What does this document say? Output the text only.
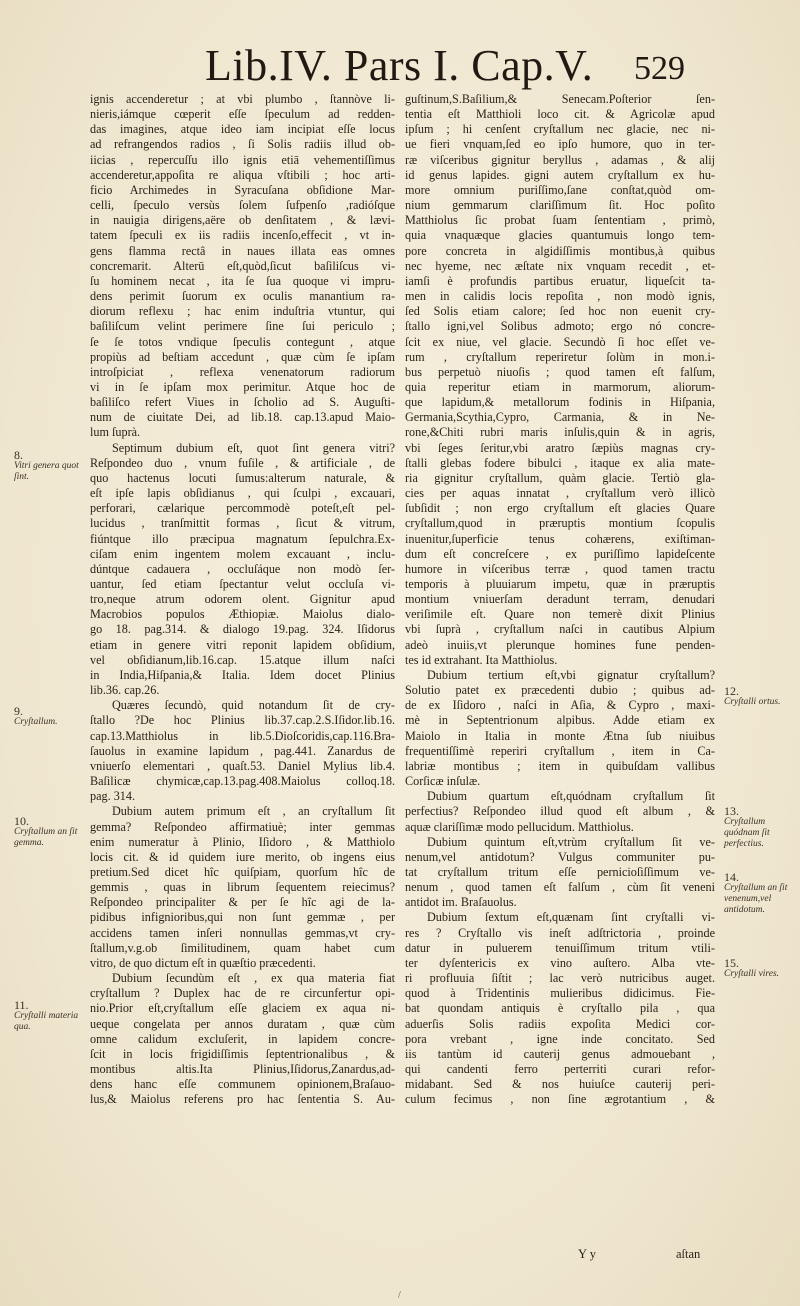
Lib.IV. Pars I. Cap.V. 529

ignis accenderetur ; at vbi plumbo , ſtannòve li-

nieris,iámque cœperit eſſe ſpeculum ad redden-

das imagines, atque ideo iam incipiat eſſe locus

ad refrangendos radios , ſi Solis radiis illud ob-

iicias , repercuſſu illo ignis etiā vehementiſſimus

accenderetur,appoſita re aliqua vſtibili ; hoc arti-

ficio Archimedes in Syracuſana obſidione Mar-

celli, ſpeculo versùs ſolem ſufpenſo ,radióſque

in nauigia dirigens,aëre ob denſitatem , & lævi-

tatem ſpeculi ex iis radiis incenſo,effecit , vt in-

gens flamma rectâ in naues illata eas omnes

concremarit. Alterū eſt,quòd,ſicut baſiliſcus vi-

ſu hominem necat , ita ſe ſua quoque vi impru-

dens perimit ſuorum ex oculis manantium ra-

diorum reflexu ; hac enim induſtria vtuntur, qui

baſiliſcum velint perimere ſine ſui periculo ;

ſe ſe totos vndique ſpeculis contegunt , atque

propiùs ad beſtiam accedunt , quæ cùm ſe ipſam

introſpiciat , reflexa venenatorum radiorum

vi in ſe ipſam mox perimitur. Atque hoc de

baſiliſco refert Viues in ſcholio ad S. Auguſti-

num de ciuitate Dei, ad lib.18. cap.13.apud Maio-

lum ſuprà.

Septimum dubium eſt, quot ſint genera vitri?

Reſpondeo duo , vnum fuſile , & artificiale , de

quo hactenus locuti ſumus:alterum naturale, &

eſt ipſe lapis obſidianus , qui ſculpi , excauari,

perforari, cælarique percommodè poteſt,eſt pel-

lucidus , tranſmittit formas , ſicut & vitrum,

fiúntque illo præcipua magnatum ſepulchra.Ex-

ciſam enim ingentem molem excauant , inclu-

dúntque cadauera , occluſáque non modò ſer-

uantur, ſed etiam ſpectantur velut occluſa vi-

tro,neque atrum odorem olent. Gignitur apud

Macrobios populos Æthiopiæ. Maiolus dialo-

go 18. pag.314. & dialogo 19.pag. 324. Iſidorus

etiam in genere vitri reponit lapidem obſidium,

vel obſidianum,lib.16.cap. 15.atque illum naſci

in India,Hiſpania,& Italia. Idem docet Plinius

lib.36. cap.26.

Quæres ſecundò, quid notandum ſit de cry-

ſtallo ?De hoc Plinius lib.37.cap.2.S.Iſidor.lib.16.

cap.13.Matthiolus in lib.5.Dioſcoridis,cap.116.Bra-

ſauolus in examine lapidum , pag.441. Zanardus de

vniuerſo elementari , quaſt.53. Daniel Mylius lib.4.

Baſilicæ chymicæ,cap.13.pag.408.Maiolus colloq.18.

pag. 314.

Dubium autem primum eſt , an cryſtallum ſit

gemma? Reſpondeo affirmatiuè; inter gemmas

enim numeratur à Plinio, Iſidoro , & Matthiolo

locis cit. & id quidem iure merito, ob ingens eius

pretium.Sed dicet hîc quiſpiam, quorſum hîc de

gemmis , quas in librum ſequentem reiecimus?

Reſpondeo principaliter & per ſe hîc agi de la-

pidibus infignioribus,qui non ſunt gemmæ , per

accidens tamen inſeri nonnullas gemmas,vt cry-

ſtallum,v.g.ob ſimilitudinem, quam habet cum

vitro, de quo dictum eſt in quæſtio præcedenti.

Dubium ſecundùm eſt , ex qua materia fiat

cryſtallum ? Duplex hac de re circunfertur opi-

nio.Prior eſt,cryſtallum eſſe glaciem ex aqua ni-

ueque congelata per annos duratam , quæ cùm

omne calidum excluſerit, in lapidem concre-

ſcit in locis frigidiſſimis ſeptentrionalibus , &

montibus altis.Ita Plinius,Iſidorus,Zanardus,ad-

dens hanc eſſe communem opinionem,Braſauo-

lus,& Maiolus referens pro hac ſententia S. Au-

guſtinum,S.Baſilium,& Senecam.Poſterior ſen-

tentia eſt Matthioli loco cit. & Agricolæ apud

ipſum ; hi cenſent cryſtallum nec glacie, nec ni-

ue fieri vnquam,ſed eo ipſo humore, quo in ter-

ræ viſceribus gignitur beryllus , adamas , & alij

id genus lapides. gigni autem cryſtallum ex hu-

more omnium puriſſimo,ſane conſtat,quòd om-

nium gemmarum clariſſimum ſit. Hoc poſito

Matthiolus ſic probat ſuam ſententiam , primò,

quia vnaquæque glacies quantumuis longo tem-

pore concreta in algidiſſimis montibus,à quibus

nec hyeme, nec æſtate nix vnquam recedit , et-

iamſi è profundis partibus eruatur, liqueſcit ta-

men in calidis locis repoſita , non modò ignis,

ſed Solis etiam calore; ſed hoc non euenit cry-

ſtallo igni,vel Solibus admoto; ergo nó concre-

ſcit ex niue, vel glacie. Secundò ſi hoc eſſet ve-

rum , cryſtallum reperiretur ſolùm in mon.i-

bus perpetuò niuoſis ; quod tamen eſt falſum,

quia reperitur etiam in marmorum, aliorum-

que lapidum,& metallorum fodinis in Hiſpania,

Germania,Scythia,Cypro, Carmania, & in Ne-

rone,&Chiti rubri maris inſulis,quin & in agris,

vbi ſeges ſeritur,vbi aratro ſæpiùs magnas cry-

ſtalli glebas fodere bibulci , itaque ex alia mate-

ria gignitur cryſtallum, quàm glacie. Tertiò gla-

cies per aquas innatat , cryſtallum verò illicò

ſubſidit ; non ergo cryſtallum eſt glacies Quare

cryſtallum,quod in præruptis montium ſcopulis

inuenitur,ſuperficie tenus cohærens, exiſtiman-

dum eſt concreſcere , ex puriſſimo lapideſcente

humore in viſceribus terræ , quod tamen tractu

temporis à pluuiarum impetu, quæ in præruptis

montium vniuerſam deradunt terram, denudari

veriſimile eſt. Quare non temerè dixit Plinius

vbi ſuprà , cryſtallum naſci in cautibus Alpium

adeò inuiis,vt plerunque homines fune penden-

tes id extrahant. Ita Matthiolus.

Dubium tertium eſt,vbi gignatur cryſtallum?

Solutio patet ex præcedenti dubio ; quibus ad-

de ex Iſidoro , naſci in Aſia, & Cypro , maxi-

mè in Septentrionum alpibus. Adde etiam ex

Maiolo in Italia in monte Ætna ſub niuibus

frequentiſſimè reperiri cryſtallum , item in Ca-

labriæ montibus ; item in quibuſdam vallibus

Corſicæ inſulæ.

Dubium quartum eſt,quódnam cryſtallum ſit

perfectius? Reſpondeo illud quod eſt album , &

aquæ clariſſimæ modo pellucidum. Matthiolus.

Dubium quintum eſt,vtrùm cryſtallum ſit ve-

nenum,vel antidotum? Vulgus communiter pu-

tat cryſtallum tritum eſſe pernicioſiſſimum ve-

nenum , quod tamen eſt falſum , cùm ſit veneni

antidot im. Braſauolus.

Dubium ſextum eſt,quænam ſint cryſtalli vi-

res ? Cryſtallo vis ineſt adſtrictoria , proinde

datur in puluerem tenuiſſimum tritum vtili-

ter dyſentericis ex vino auſtero. Alba vte-

ri profluuia ſiſtit ; lac verò nutricibus auget.

quod à Tridentinis mulieribus didicimus. Fie-

bat quondam antiquis è cryſtallo pila , qua

aduerſis Solis radiis expoſita Medici cor-

pora vrebant , igne inde concitato. Sed

iis tantùm id cauterij genus admouebant ,

qui candenti ferro perterriti curari refor-

midabant. Sed & nos huiuſce cauterij peri-

culum fecimus , non ſine ægrotantium , &

8.
Vitri genera quot ſint.
9.
Cryſtallum.
10.
Cryſtallum an ſit gemma.
11.
Cryſtalli materia qua.
12.
Cryſtalli ortus.
13.
Cryſtallum quódnam ſit perfectius.
14.
Cryſtallum an ſit venenum,vel antidotum.
15.
Cryſtalli vires.
Y y	aſtan
/
